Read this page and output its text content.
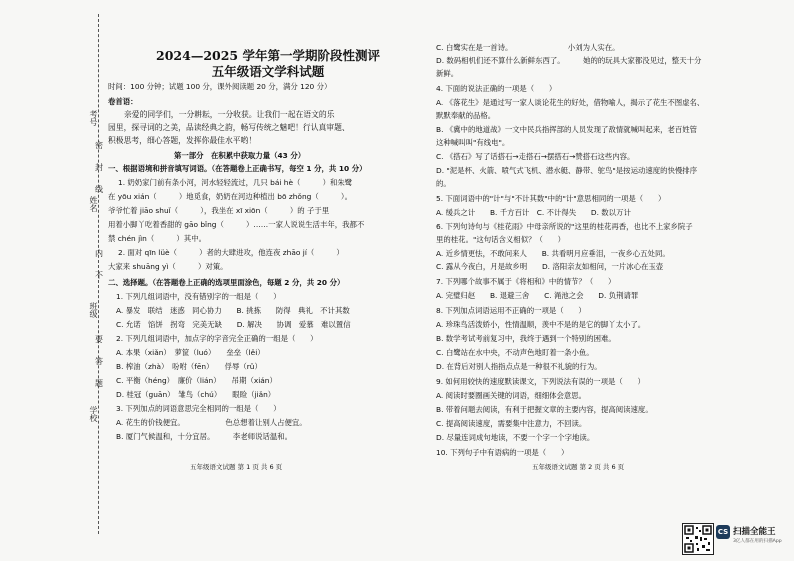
考号
班级
姓名
学校
密
封
线
内
不
要
答
题
2024—2025 学年第一学期阶段性测评
五年级语文学科试题
时间：100 分钟；试题 100 分，课外阅读题 20 分，满分 120 分）
卷首语：
亲爱的同学们，一分耕耘，一分收获。让我们一起在语文的乐
园里，探寻词的之美，品读经典之韵，畅写传统之魅吧！行认真审题、
积极思考，细心答题，发挥你最佳水平哟！
第一部分　在积累中获取力量（43 分）
一、根据语境和拼音填写词语。（在答题卷上正确书写，每空 1 分，共 10 分）
1. 奶奶家门前有条小河，河水轻轻流过，几只 bái hè（　　　）和朱鹭
在 yōu xián（　　　）地觅食，奶奶在河边种植出 bō zhǒng（　　　）。
爷爷忙着 jiāo shuǐ（　　　），我坐在 xī xiōn（　　　）的 子于里
用着小脚丫吃着香甜的 gāo bǐng（　　　）……一家人说说生活丰年，我都不
禁 chén jìn（　　　）其中。
2. 面对 qīn lüè（　　　）者的大肆进攻，他连夜 zhāo jí（　　　）
大家来 shuāng yì（　　　）对策。
二、选择题。（在答题卷上正确的选项里面涂色，每题 2 分，共 20 分）
1. 下列几组词语中，没有错别字的一组是（　　）
A. 暴发　联结　迷惑　同心协力　　B. 挑拣　　防得　典礼　不计其数
C. 允诺　馅饼　拐弯　完美无缺　　D. 解决　　协调　爱慕　难以置信
2. 下列几组词语中，加点字的字音完全正确的一组是（　　）
A. 本果（xiǎn）　萝筐（luó）　　垒垒（lěi）
B. 榨油（zhà）　吩咐（fēn）　　俘辱（rǔ）
C. 平衡（héng）　廉价（lián）　　吊期（xián）
D. 桂冠（guān）　雏鸟（chú）　　眼睑（jiǎn）
3. 下列加点的词语意思完全相同的一组是（　　）
A. 花生的价钱便宜。　　　　　　色总想着让别人占便宜。
B. 厦门气候温和，十分宜居。　　　李老师说话温和。
五年级语文试题 第 1 页 共 6 页
C. 白鹭实在是一首诗。　　　　　　　　小刘为人实在。
D. 数码相机们还不算什么新鲜东西了。　　　她的的玩具大家都没见过，整天十分
新鲜。
4. 下面的说法正确的一项是（　　）
A. 《落花生》是通过写一家人谈论花生的好处，借物喻人，揭示了花生不图虚名、
默默奉献的品格。
B. 《冀中的地道战》一文中民兵指挥部的人员发现了敌情就喊叫起来，老百姓管
这种喊叫叫"有线电"。
C. 《搭石》写了话搭石→走搭石→摆搭石→赞搭石这些内容。
D. "泥是杯、火箭、喷气式飞机、潜水艇、静带、鸵鸟"是按运动速度的快慢排序
的。
5. 下面词语中的"计"与"不计其数"中的"计"意思相同的一项是（　　）
A. 缓兵之计　　B. 千方百计　C. 不计得失　　D. 数以万计
6. 下列句诗句与《桂花雨》中母亲所说的"这里的桂花再香，也比不上家乡院子
里的桂花。"这句话含义相似？（　　）
A. 近乡情更怯，不敢问来人　　B. 共看明月应垂泪，一夜乡心五处同。
C. 露从今夜白，月是故乡明　　D. 洛阳亲友如相问，一片冰心在玉壶
7. 下列哪个故事不属于《将相和》中的情节？（　　）
A. 完璧归赵　　B. 退避三舍　　C. 渑池之会　　D. 负荆请罪
8. 下列加点词语运用不正确的一项是（　　）
A. 珍珠鸟活泼娇小，性情温顺，羡中不是的是它的脚丫太小了。
B. 数学考试考前复习中，我终于遇到一个特别的困难。
C. 白鹭站在水中央，不动声色地盯着一条小鱼。
D. 在背后对别人指指点点是一种很不礼貌的行为。
9. 如何用较快的速度默读课文，下列说法有误的一项是（　　）
A. 阅读时要圈画关键的词语，细细体会意思。
B. 带着问题去阅读，有利于把握文章的主要内容，提高阅读速度。
C. 提高阅读速度，需要集中注意力，不回读。
D. 尽量连词成句地读，不要一个字一个字地读。
10. 下列句子中有语病的一项是（　　）
五年级语文试题 第 2 页 共 6 页
CS 扫描全能王
3亿人都在用的扫描App
